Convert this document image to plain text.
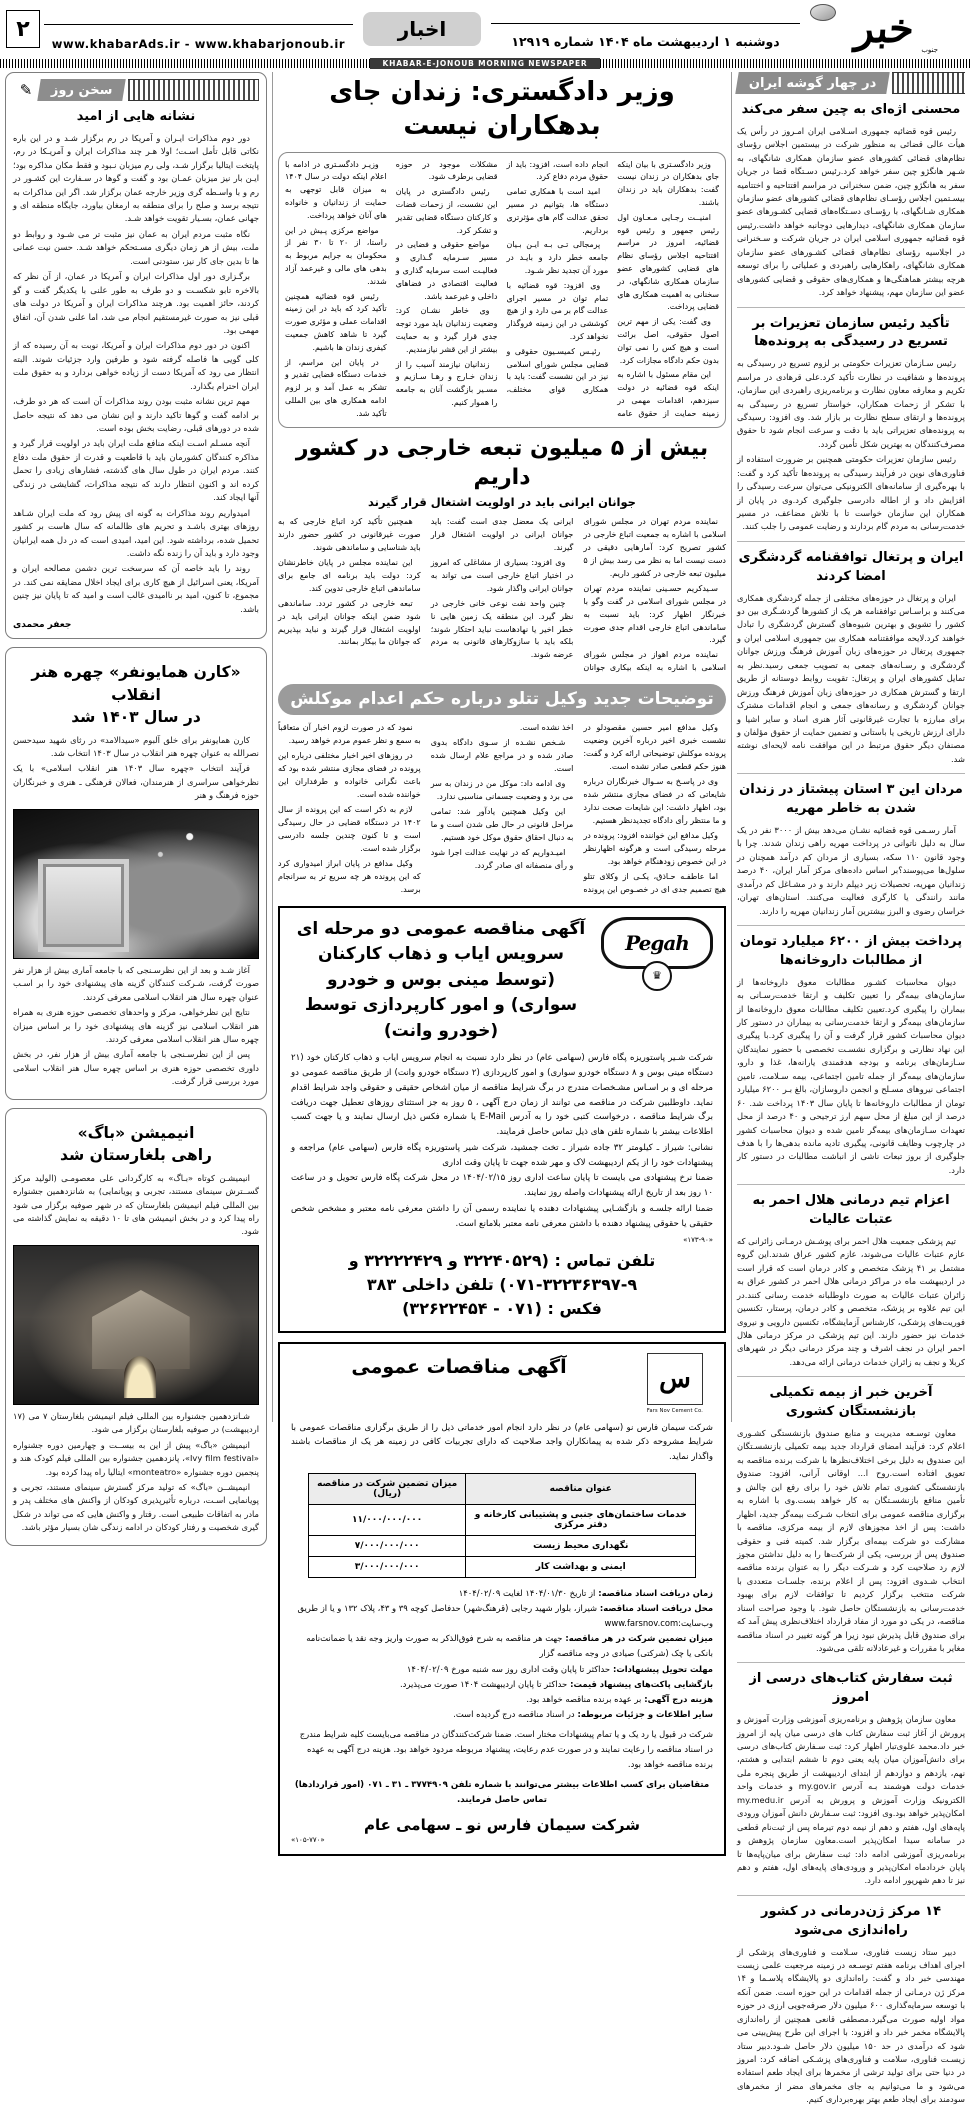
خبر جنوب
دوشنبه ۱ اردیبهشت ماه ۱۴۰۴ شماره ۱۲۹۱۹
اخبار
www.khabarAds.ir - www.khabarjonoub.ir
۲
KHABAR-E-JONOUB MORNING NEWSPAPER
در چهار گوشه ایران
محسنی اژه‌ای به چین سفر می‌کند

رئیس قوه قضائیه جمهوری اسـلامی ایران امـروز در رأس یک هیأت عالی قضائی به منظور شرکت در بیستمین اجلاس رؤسای نظام‌های قضائی کشورهای عضو سازمان همکاری شانگهای، به شـهر هانگژو چین سفر خواهد کرد.رئیس دسـتگاه قضا در جریان سفر به هانگژو چین، ضمن سخنرانی در مراسم افتتاحیه و اختتامیه بیسـتمین اجلاس رؤسـای نظام‌های قضائی کشورهای عضو سازمان همکاری شـانگهای، با رؤسـای دسـتگاه‌های قضایی کشـورهای عضو سازمان همکاری شانگهای، دیدارهایی دوجانبه خواهد داشت.رئیس قوه قضائیه جمهوری اسلامی ایران در جریان شرکت و سـخنرانی در اجلاسیه رؤسای نظام‌های قضائی کشـورهای عضو سازمان همکاری شانگهای، راهکارهایی راهبردی و عملیاتی را برای توسعه هرچه بیشتر هماهنگی‌ها و همکاری‌های حقوقی و قضایی کشورهای عضو این سازمان مهم، پیشنهاد خواهد کرد.

تأکید رئیس سازمان تعزیرات بر تسریع در رسیدگی به پرونده‌ها

رئیس سـازمان تعزیرات حکومتی بر لزوم تسریع در رسیدگی به پرونده‌ها و شفافیت در نظارت تأکید کرد.علی قرهادی در مراسم تکریم و معارفه معاون نظارت و برنامه‌ریزی راهبردی این سازمان، با تشکر از زحمات همکاران، خواستار تسریع در رسیدگی به پرونده‌ها و ارتقای سطح نظارت بر بازار شد. وی افزود: رسیدگی به پرونده‌های تعزیراتی باید با دقت و سرعت انجام شود تا حقوق مصرف‌کنندگان به بهترین شکل تأمین گردد.

رئیس سازمان تعزیرات حکومتی همچنین بر ضرورت استفاده از فناوری‌های نوین در فرآیند رسیدگی به پرونده‌ها تأکید کرد و گفت: با بهره‌گیری از سامانه‌های الکترونیکی می‌توان سرعت رسیدگی را افزایش داد و از اطاله دادرسی جلوگیری کرد.وی در پایان از همکاران این سازمان خواست تا با تلاش مضاعف، در مسیر خدمت‌رسانی به مردم گام بردارند و رضایت عمومی را جلب کنند.

ایران و پرتغال توافقنامه گردشگری امضا کردند

ایران و پرتغال در حوزه‌های مختلفی از جمله گردشگری همکاری می‌کنند و براسـاس توافقنامه هر یک از کشورها گردشـگری بین دو کشور را تشویق و بهترین شیوه‌های گسترش گردشگری را تبادل خواهند کرد.لایحه موافقتنامه همکاری بین جمهوری اسلامی ایران و جمهوری پرتغال در حوزه‌های زبان آموزش فرهنگ ورزش جوانان گردشگری و رسـانه‌های جمعی به تصویب جمعی رسید.نظر به تمایل کشورهای ایران و پرتغال: تقویت روابط دوستانه از طریق ارتقا و گسترش همکاری در حوزه‌های زبان آموزش فرهنگ ورزش جوانان گردشگری و رسانه‌های جمعی و انجام اقدامات مشترک برای مبارزه با تجارت غیرقانونی آثار هنری اساد و سایر اشیا و دارای ارزش تاریخی یا باستانی و تضمین حمایت از حقوق مؤلفان و مصنفان دیگر حقوق مرتبط در این موافقت نامه لایحه‌ای نوشته شد.

مردان این ۳ استان پیشتاز در زندان شدن به خاطر مهریه

آمار رسـمی قوه قضائیه نشـان می‌دهد بیش از ۳۰۰۰ نفر در یک سال به دلیل ناتوانی در پرداخت مهریه راهی زندان شدند. چرا با وجود قانون ۱۱۰ سکه، بسیاری از مردان کم درآمد همچنان در سلول‌ها می‌پوسند؟بر اساس داده‌های مرکز آمار ایران، ۴۰ درصد زندانیان مهریه، تحصیلات زیر دیپلم دارند و در مشـاغل کم درآمدی مانند رانندگی یا کارگری فعالیت می‌کنند. استان‌های تهران، خراسان رضوی و البرز بیشترین آمار زندانیان مهریه را دارند.

پرداخت بیش از ۶۲۰۰ میلیارد تومان از مطالبات داروخانه‌ها

دیوان محاسبات کشـور مطالبات معوق داروخانه‌ها از سازمان‌های بیمه‌گر را تعیین تکلیف و ارتقا خدمت‌رسـانی به بیماران را پیگیری کرد.تعیین تکلیف مطالبات معوق داروخانه‌ها از سازمان‌های بیمه‌گر و ارتقا خدمت‌رسانی به بیماران در دستور کار دیوان محاسبات کشور قرار گرفت و آن را پیگیری کرد.با پیگیری این نهاد نظارتی و برگزاری نشسـت تخصصی با حضور نمایندگان سـازمان‌های برنامه و بودجه هدفمندی یارانه‌ها، غذا و دارو، سازمان‌های بیمه‌گر از جمله تامین اجتماعی، بیمه سـلامت، تامین اجتماعی نیروهای مسـلح و انجمن داروسازان، بالغ بـر ۶۲۰۰ میلیارد تومان از مطالبات داروخانه‌ها تا پایان سال ۱۴۰۳ پرداخت شد. ۶۰ درصد از این مبلغ از محل سهم ارز ترجیحی و ۴۰ درصد از محل تعهدات سـازمان‌های بیمه‌گر تامین شده و دیوان محاسبات کشور در چارچوب وظایف قانونی، پیگیری تادیه مانده بدهی‌ها را با هدف جلوگیری از بروز تبعات ناشی از انباشت مطالبات در دستور کار دارد.

اعزام تیم درمانی هلال احمر به عتبات عالیات

تیم پزشکی جمعیت هلال احمر برای پوشـش درمـانی زائرانی که عازم عتبات عالیات می‌شوند، عازم کشور عراق شدند.این گروه مشتمل بر ۴۱ پزشک متخصص و کادر درمان است که قرار است در اردیبهشت ماه در مراکز درمانی هلال احمر در کشور عراق به زائران عتبات عالیات به صورت داوطلبانه خدمت رسانی کنند.در این تیم علاوه بر پزشک، متخصص و کادر درمان، پرستار، تکنسین فوریت‌های پزشکی، کارشناس آزمایشگاه، تکنسین دارویی و نیروی خدمات نیز حضور دارند. این تیم پزشکی در مرکز درمانی هلال احمر ایران در نجف اشرف و چند مرکز درمانی دیگر در شهرهای کربلا و نجف به زائران خدمات درمانی ارائه می‌دهد.

آخرین خبر از بیمه تکمیلی بازنشستگان کشوری

معاون توسـعه مدیریت و منابع صندوق بازنشستگی کشـوری اعلام کرد: فرآیند امضای قرارداد جدید بیمه تکمیلی بازنشسـتگان این صندوق به دلیل برخی اختلاف‌نظرها با شرکت برنده مناقصه به تعویق افتاده است.روح ا... اوقانی آرانی، افزود: صندوق بازنشستگی کشوری تمام تلاش خود را برای رفع این چالش و تأمین منافع بازنشسـتگان به کار خواهد بست.وی با اشاره به برگزاری مناقصه عمومی برای انتخاب شـرکت بیمه‌گر جدید، اظهار داشت: پس از اخذ مجوزهای لازم از بیمه مرکزی، مناقصه با مشارکت دو شرکت بیمه‌ای برگزار شد. کمیته فنی و حقوقی صندوق پس از بررسی، یکی از شرکت‌ها را به دلیل نداشتن مجوز لازم رد صلاحیت کرد و شـرکت دیگر را به عنوان برنده مناقصه انتخاب شـدوی افزود: پس از اعلام برنده، جلسـات متعددی با شرکت منتخب برگزار کردیم تا توافقات لازم برای بهبود خدمت‌رسانی به بازنشستگان حاصل شود. با وجود صراحت اسناد مناقصه، در یکی دو مورد از مفاد قرارداد اختلاف‌نظری پیش آمد که برای صندوق قابل پذیرش نبود زیرا هر گونه تغییر در اسناد مناقصه مغایر با مقررات و غیرعادلانه تلقی می‌شود.

ثبت سفارش کتاب‌های درسی از امروز

معاون سازمان پژوهش و برنامه‌ریزی آموزشی وزارت آموزش و پرورش از آغاز ثبت سفارش کتاب های درسی میان پایه از امروز خبر داد.محمد علوی‌تبار اظهار کرد: ثبت سـفارش کتاب‌های درسی برای دانش‌آموزان میان پایه یعنی دوم تا ششم ابتدایی و هشتم، نهم، یازدهم و دوازدهم از ابتدای اردیبهشت از طریق پنجره ملی خدمات دولت هوشمند بـه آدرس my.gov.ir و خدمات واحد الکترونیک وزارت آموزش و پرورش به آدرس my.medu.ir امکان‌پذیر خواهد بود.وی افزود: ثبت سـفارش دانش آموزان ورودی پایه‌های اول، هفتم و دهم از نیمه دوم تیرماه پس از ثبت‌نام قطعی در سامانه سیدا امکان‌پذیر است.معاون سازمان پژوهش و برنامه‌ریزی آموزشی ادامه داد: ثبت سفارش برای میان‌پایه‌ها تا پایان خردادماه امکان‌پذیر و ورودی‌های پایه‌های اول، هفتم و دهم نیز تا دهم شهریور ادامه دارد.

۱۴ مرکز ژن‌درمانی در کشور راه‌اندازی می‌شود

دبیر ستاد زیست فناوری، سـلامت و فناوری‌های پزشکی از اجرای اهداف برنامه هفتم توسـعه در زمینه مرجعیت علمی زیست مهندسی خبر داد و گفت: راه‌اندازی دو پالایشگاه پلاسـما و ۱۴ مرکز ژن درمـانی از جمله اقدامات در این حوزه است. ضمن آنکه با توسعه سرمایه‌گذاری ۶۰۰ میلیون دلار صرفه‌جویی ارزی در حوزه مواد اولیه صورت می‌گیرد.مصطفی قانعی همچنین از راه‌اندازی پالایشگاه مخمر خبر داد و افزود: با اجرای این طرح پیش‌بینی می شود که درآمدی در حد ۱۵۰ میلیون دلار حاصل شـود.دبیر ستاد زیسـت فناوری، سلامت و فناوری‌های پزشـکی اضافه کرد: امروز در دنیا حتی برای تولید ترشی از مخمرها برای ایجاد طعم استفاده می‌شود و ما می‌توانیم به جای مخمرهای مضر از مخمرهای سودمند برای ایجاد طعم بهتر بهره‌برداری کنیم.

وزیر دادگستری: زندان جای بدهکاران نیست

وزیر دادگسـتری با بیان اینکه جای بدهکاران در زندان نیست گفت: بدهکاران باید در زندان باشند.

امنیــت رجـایی مـعـاون اول رئیس جمهور و رئیس قوه قضائیه، امروز در مراسم افتتاحیه اجلاس رؤسای نظام های قضایی کشورهای عضو سازمان همکاری شانگهای، در سخنانی به اهمیت همکاری های قضایی پرداخت.

وی گفت: یکی از مهم ترین اصول حقوقی، اصل برائت است و هیچ کس را نمی توان بدون حکم دادگاه مجازات کرد.

این مقام مسئول با اشاره به اینکه قوه قضائیه در دولت سیزدهم، اقدامات مهمی در زمینه حمایت از حقوق عامه انجام داده است، افزود: باید از حقوق مردم دفاع کرد.

امید است با همکاری تمامی دستگاه ها، بتوانیم در مسیر تحقق عدالت گام های مؤثرتری برداریم.

پرمجالی تـی بـه ایـن بـیان جامعه خطر دارد و بایـد در مورد آن تجدید نظر شـود.

وی افزود: قوه قضائیه با تمام توان در مسیر اجرای عدالت گام بر می دارد و از هیچ کوششی در این زمینه فروگذار نخواهد کرد.

رئیـس کمیسـیون حقوقی و قضایی مجلس شورای اسلامی نیز در این نشست گفت: باید با همکاری قوای مختلف، مشکلات موجود در حوزه قضایی برطرف شود.

رئیس دادگستری در پایان این نشست، از زحمات قضات و کارکنان دستگاه قضایی تقدیر و تشکر کرد.

مواضع حقوقی و فضایی در مسیر سـرمایه گـذاری و فعالیـت است سرمایه گذاری و فعالیت اقتصادی در فضاهای داخلی و غیرعمد باشد.

وی خاطر نشـان کرد: وضعیت زندانیان باید مورد توجه جدی قرار گیرد و به حمایت بیشتر از این قشر نیازمندیم.

زندانیان نیازمند آسیب را از زندان خـارج و رهـا سـازیم و مسـیر بازگشت آنان به جامعه را هموار کنیم.

وزیـر دادگسـتری در ادامه با اعلام اینکه دولت در سال ۱۴۰۴ به میزان قابل توجهی به حمایت از زندانیان و خانواده های آنان خواهد پرداخت.

مواضع مرکزی پـیش در این راستا، از ۲۰ تا ۳۰ نفر از محکومان به جرایم مربوط به بدهی های مالی و غیرعمد آزاد شدند.

رئیس قوه قضائیه همچنین تأکید کرد که باید در این زمینه اقدامات عملی و مؤثری صورت گیرد تا شاهد کاهش جمعیت کیفری زندان ها باشیم.

در پایان این مراسم، از خدمات دستگاه قضایی تقدیر و تشکر به عمل آمد و بر لزوم ادامه همکاری های بین المللی تأکید شد.

بیش از ۵ میلیون تبعه خارجی در کشور داریم
جوانان ایرانی باید در اولویت اشتغال قرار گیرند

نماینده مردم تهران در مجلس شورای اسلامی با اشاره به جمعیت اتباع خارجی در کشور تصریح کرد: آمارهایی دقیقی در دست نیست اما به نظر می رسد بیش از ۵ میلیون تبعه خارجی در کشور داریم.

سـیدکریم حسـینی نماینده مردم تهران در مجلس شورای اسلامی در گفت وگو با خبرنگار اظهار کرد: باید نسبت به ساماندهی اتباع خارجی اقدام جدی صورت گیرد.

نماینده مردم اهواز در مجلس شورای اسلامی با اشاره به اینکه بیکاری جوانان ایرانی یک معضل جدی است گفت: باید جوانان ایرانی در اولویت اشتغال قرار گیرند.

وی افزود: بسیاری از مشاغلی که امروز در اختیار اتباع خارجی است می تواند به جوانان ایرانی واگذار شود.

چنین واحد نفت نوعی خانی خارجی در نظر گیرد. این منطقه یک زمین هایی نا خطر اخیر یا نهادهاست نباید احتکار شوند؛ بلکه باید با سازوکارهای قانونی به مردم عرضه شوند.

همچنین تأکید کرد اتباع خارجی که به صورت غیرقانونی در کشور حضور دارند باید شناسایی و ساماندهی شوند.

این نماینده مجلس در پایان خاطرنشان کرد: دولت باید برنامه ای جامع برای ساماندهی اتباع خارجی تدوین کند.

تبعه خارجی در کشور تردد. ساماندهی شود ضمن اینکه جوانان ایرانی باید در اولویت اشتغال قرار گیرند و نباید بپذیریم که جوانان ما بیکار بمانند.

توضیحات جدید وکیل تتلو درباره حکم اعدام موکلش

وکیل مدافع امیر حسین مقصودلو در نشست خبری اخیر درباره آخرین وضعیت پرونده موکلش توضیحاتی ارائه کرد و گفت: هنوز حکم قطعی صادر نشده است.

وی در پاسـخ به سـوال خبرنگاران درباره شایعاتی که در فضای مجازی منتشر شده بود، اظهار داشت: این شایعات صحت ندارد و ما منتظر رأی دادگاه تجدیدنظر هستیم.

وکیل مدافع این خواننده افزود: پرونده در مرحله رسیدگی است و هرگونه اظهارنظر در این خصوص زودهنگام خواهد بود.

اما عاطفـه حـاذق، یکـی از وکلای تتلو هیچ تصمیم جدی ای در خصـوص این پرونده اخذ نشده است.

شـخص نشـده از سـوی دادگاه بدوی صادر شده و در مراجع علام ارسال شده است.

وی ادامه داد: موکل من در زندان به سر می برد و وضعیت جسمانی مناسبی ندارد.

این وکیل همچنین یادآور شد: تمامی مراحل قانونی در حال طی شدن است و ما به دنبال احقاق حقوق موکل خود هستیم.

امیـدواریم که در نهایت عدالت اجرا شود و رأی منصفانه ای صادر گردد.

نمود که در صورت لزوم اخبار آن متعاقباً به سمع و نظر عموم مردم خواهد رسید.

در روزهای اخیر اخبار مختلفی درباره این پرونده در فضای مجازی منتشر شده بود که باعث نگرانی خانواده و طرفداران این خواننده شده است.

لازم به ذکر است که این پرونده از سال ۱۴۰۲ در دستگاه قضایی در حال رسیدگی است و تا کنون چندین جلسه دادرسی برگزار شده است.

وکیل مدافع در پایان ابراز امیدواری کرد که این پرونده هر چه سریع تر به سرانجام برسد.

Pegah
♛
آگهی مناقصه عمومی دو مرحله ای سرویس ایاب و ذهاب کارکنان
(توسط مینی بوس و خودرو سواری) و امور کارپردازی توسط
(خودرو وانت)

شرکت شـیر پاستوریزه پگاه فارس (سهامی عام) در نظر دارد نسبت به انجام سرویس ایاب و ذهاب کارکنان خود (۲۱ دستگاه مینی بوس و ۸ دستگاه خودرو سواری) و امور کارپردازی (۲ دستگاه خودرو وانت) از طریق مناقصه عمومی دو مرحله ای و بر اسـاس مشـخصات مندرج در برگ شرایط مناقصه از میان اشخاص حقیقی و حقوقی واجد شرایط اقدام نماید. داوطلبین شرکت در مناقصه می توانند از زمان درج آگهی ، ۵ روز به جز استثنای روزهای تعطیل جهت دریافت برگ شرایط مناقصه ، درخواست کتبی خود را به آدرس E-Mail یا شماره فکس ذیل ارسال نمایند و یا جهت کسب اطلاعات بیشتر با شماره تلفن های ذیل تماس حاصل فرمایند.

نشانی: شیراز ـ کیلومتر ۳۲ جاده شیراز ـ تخت جمشید، شرکت شیر پاستوریزه پگاه فارس (سهامی عام) مراجعه و پیشنهادات خود را از یکم اردیبهشت لاک و مهر شده جهت تا پایان وقت اداری

ضمنا نرخ پیشنهادی می بایست تا پایان ساعت اداری روز ۱۴۰۴/۰۲/۱۵ در محل شرکت پگاه فارس تحویل و در ساعت ۱۰ روز بعد از تاریخ ارائه پیشنهادات واصله روز نمایند.

ضمنا ارائه جلسـه و بازگشـایی پیشنهادات دهنده یا نماینده رسمی آن را داشتن معرفی نامه معتبر و مشخص شخص حقیقی یا حقوقی پیشنهاد دهنده با داشتن معرفی نامه معتبر بلامانع است.

«۱۷۳-۹۰»
تلفن تماس : (۳۲۲۴۰۵۲۹ و ۳۲۲۲۲۴۲۹ و ۹-۳۲۲۳۶۳۹۷-۰۷۱) تلفن داخلی ۳۸۳
فکس : (۰۷۱ - ۳۲۶۲۲۴۵۴)
س
Fars Nov Cement Co.
آگهی مناقصات عمومی
شرکت سیمان فارس نو (سهامی عام) در نظر دارد انجام امور خدماتی ذیل را از طریق برگزاری مناقصات عمومی با شرایط مشروحه ذکر شده به پیمانکاران واجد صلاحیت که دارای تجربیات کافی در زمینه هر یک از مناقصات باشند واگذار نماید.
عنوان مناقصه	میزان تضمین شرکت در مناقصه (ریال)
خدمات ساختمان‌های جنبی و پشتیبانی کارخانه و دفتر مرکزی	۱۱/۰۰۰/۰۰۰/۰۰۰
نگهداری محیط زیست	۷/۰۰۰/۰۰۰/۰۰۰
ایمنی و بهداشت کار	۳/۰۰۰/۰۰۰/۰۰۰

زمان دریافت اسناد مناقصه: از تاریخ ۱۴۰۴/۰۱/۳۰ لغایت ۱۴۰۴/۰۲/۰۹

محل دریافت اسناد مناقصه: شیراز، بلوار شهید رجایی (قرهنگ‌شهر) حدفاصل کوچه ۳۹ و ۴۳، پلاک ۱۳۲ و یا از طریق وب‌سایت:www.farsnov.com

میزان تضمین شرکت در هر مناقصه: جهت هر مناقصه به شرح فوق‌الذکر به صورت واریز وجه نقد یا ضمانت‌نامه بانکی یا چک (شرکتی) صیادی در وجه مناقصه گزار

مهلت تحویل پیشنهادات: حداکثر تا پایان وقت اداری روز سه شنبه مورخ ۱۴۰۴/۰۲/۰۹

بازگشایی پاکت‌های پیشنهاد قیمت: حداکثر تا پایان اردیبهشت ۱۴۰۴ صورت می‌پذیرد.

هزینه درج آگهی: بر عهده برنده مناقصه خواهد بود.

سایر اطلاعات و جزئیات مربوطه: در اسناد مناقصه درج گردیده است.

شرکت در قبول یا رد یک و یا تمام پیشنهادات مختار است. ضمنا شرکت‌کنندگان در مناقصه می‌بایست کلیه شرایط مندرج در اسناد مناقصه را رعایت نمایند و در صورت عدم رعایت، پیشنهاد مربوطه مردود خواهد بود. هزینه درج آگهی به عهده برنده مناقصه خواهد بود.
متقاضیان برای کسب اطلاعات بیشتر می‌توانند با شماره تلفن ۳۷۷۴۹۰۹ ـ ۳۱ ـ ۰۷۱ (امور قراردادها) تماس حاصل فرمایند.
شرکت سیمان فارس نو ـ سهامی عام
«۱۰۵-۷۷۰»
سخن روز
✎
نشانه هایی از امید

دور دوم مذاکرات ایـران و آمریکا در رم برگزار شـد و در این باره نکاتی قابل تأمل اسـت؛ اولا هـر چند مذاکرات ایران و آمریـکا در رم، پایتخت ایتالیا برگزار شـد، ولی رم میزبان نـبود و فقط مکان مذاکره بود؛ ایـن بار نیز میزبان عمـان بود و گفت و گوها در سـفارت این کشـور در رم و با واسـطه گری وزیر خارجه عمان برگزار شد. اگر این مذاکرات به نتیجه برسد و صلح را برای منطقه به ارمغان بیاورد، جایگاه منطقه ای و جهانی عمان، بسـیار تقویت خواهد شـد.

نگاه مثبت مردم ایران به عمان نیز مثبت تر می شـود و روابط دو ملت، بیش از هر زمان دیگری مسـتحکم خواهد شـد. حسن نیت عمانی ها تا بدین جای کار نیز، ستودنی است.

برگـزاری دور اول مذاکرات ایران و آمریکا در عمان، از آن نظر که بالاخره تابو شکسـت و دو طرف به طور علنی با یکدیگر گفت و گو کردند، حائز اهمیت بود. هرچند مذاکرات ایران و آمریکا در دولت های قبلی نیز به صورت غیرمستقیم انجام می شد، اما علنی شدن آن، اتفاق مهمی بود.

اکنون در دور دوم مذاکرات ایران و آمریکا، نوبت به آن رسیده که از کلی گویی ها فاصله گرفته شود و طرفین وارد جزئیات شوند. البته انتظار می رود که آمریکا دست از زیاده خواهی بردارد و به حقوق ملت ایران احترام بگذارد.

مهم ترین نشانه مثبت بودن روند مذاکرات آن است که هر دو طرف، بر ادامه گفت و گوها تاکید دارند و این نشان می دهد که نتیجه حاصل شده در دورهای قبلی، رضایت بخش بوده است.

آنچه مسـلم اسـت اینکه منافع ملت ایران باید در اولویت قرار گیرد و مذاکره کنندگان کشورمان باید با قاطعیت و قدرت از حقوق ملت دفاع کنند. مردم ایران در طول سال های گذشته، فشارهای زیادی را تحمل کرده اند و اکنون انتظار دارند که نتیجه مذاکرات، گشایشی در زندگی آنها ایجاد کند.

امیدواریم روند مذاکرات به گونه ای پیش رود که ملت ایران شـاهد روزهای بهتری باشـد و تحریم های ظالمانه که سال هاست بر کشور تحمیل شده، برداشته شود. این امید، امیدی است که در دل همه ایرانیان وجود دارد و باید آن را زنده نگه داشت.

روند را باید خاصه آن که سرسخت ترین دشمن مصالحه ایران و آمریکا، یعنی اسرائیل از هیچ کاری برای ایجاد اخلال مضایقه نمی کند. در مجموع، تا کنون، امید بر ناامیدی غالب است و امید که تا پایان نیز چنین باشد.

جعفر محمدی
«کارن همایونفر» چهره هنر انقلاب
در سال ۱۴۰۳ شد

کارن همایونفر برای خلق آلبوم «سیدالامد» در رثای شهید سیدحسن نصرالله به عنوان چهره هنر انقلاب در سال ۱۴۰۳ انتخاب شد.

فرآیند انتخاب «چهره سال ۱۴۰۳ هنر انقلاب اسلامی» با یک نظرخواهی سراسری از هنرمندان، فعالان فرهنگی ـ هنری و خبرنگاران حوزه فرهنگ و هنر

آغاز شـد و بعد از این نظرسـنجی که با جامعه آماری بیش از هزار نفر صورت گرفت، شـرکت کنندگان گزینه های پیشنهادی خود را بر اسـب عنوان چهره سال هنر انقلاب اسلامی معرفی کردند.

نتایج این نظرخواهی، مرکز و واحدهای تخصصی حوزه هنری به همراه هنر انقلاب اسلامی نیز گزینه های پیشنهادی خود را بر اساس میزان چهره سال هنر انقلاب اسلامی معرفی کردند.

پس از این نظرسـنجی با جامعه آماری بیش از هزار نفر، در بخش داوری تخصصی حوزه هنری بر اساس چهره سال هنر انقلاب اسلامی مورد بررسی قرار گرفت.

انیمیشن «باگ»
راهی بلغارستان شد

انیمیشـن کوتاه «بـاگ» به کارگردانی علی معصومـی (الولید مرکز گســترش سینمای مستند، تجربی و پویانمایی) به شانزدهمین جشنواره بین المللی فیلم انیمیشن بلغارستان که در شهر صوفیه برگزار می شود راه پیدا کرد و در بخش انیمیشن های تا ۱۰ دقیقه به نمایش گذاشته می شود.

شـانزدهمین جشنواره بین المللی فیلم انیمیشن بلغارستان ۷ می (۱۷ اردیبهشت) در صوفیه بلغارستان برگزار می شود.

انیمیشن «باگ» پیش از این به بیســت و چهارمین دوره جشنواره «Ivy film festival»، پانزدهمین جشنواره بین المللی فیلم کودک هند و پنجمین دوره جشنواره «monteatro» ایتالیا راه پیدا کرده بود.

انیمیشــن «باگ» که تولید مرکز گسترش سینمای مستند، تجربی و پویانمایی اسـت، درباره تأثیرپذیری کودکان از واکنش های مختلف پدر و مادر به اتفاقات طبیعی است. رفتار و واکنش هایی که می تواند در شکل گیری شخصیت و رفتار کودکان در ادامه زندگی شان بسیار مؤثر باشد.
